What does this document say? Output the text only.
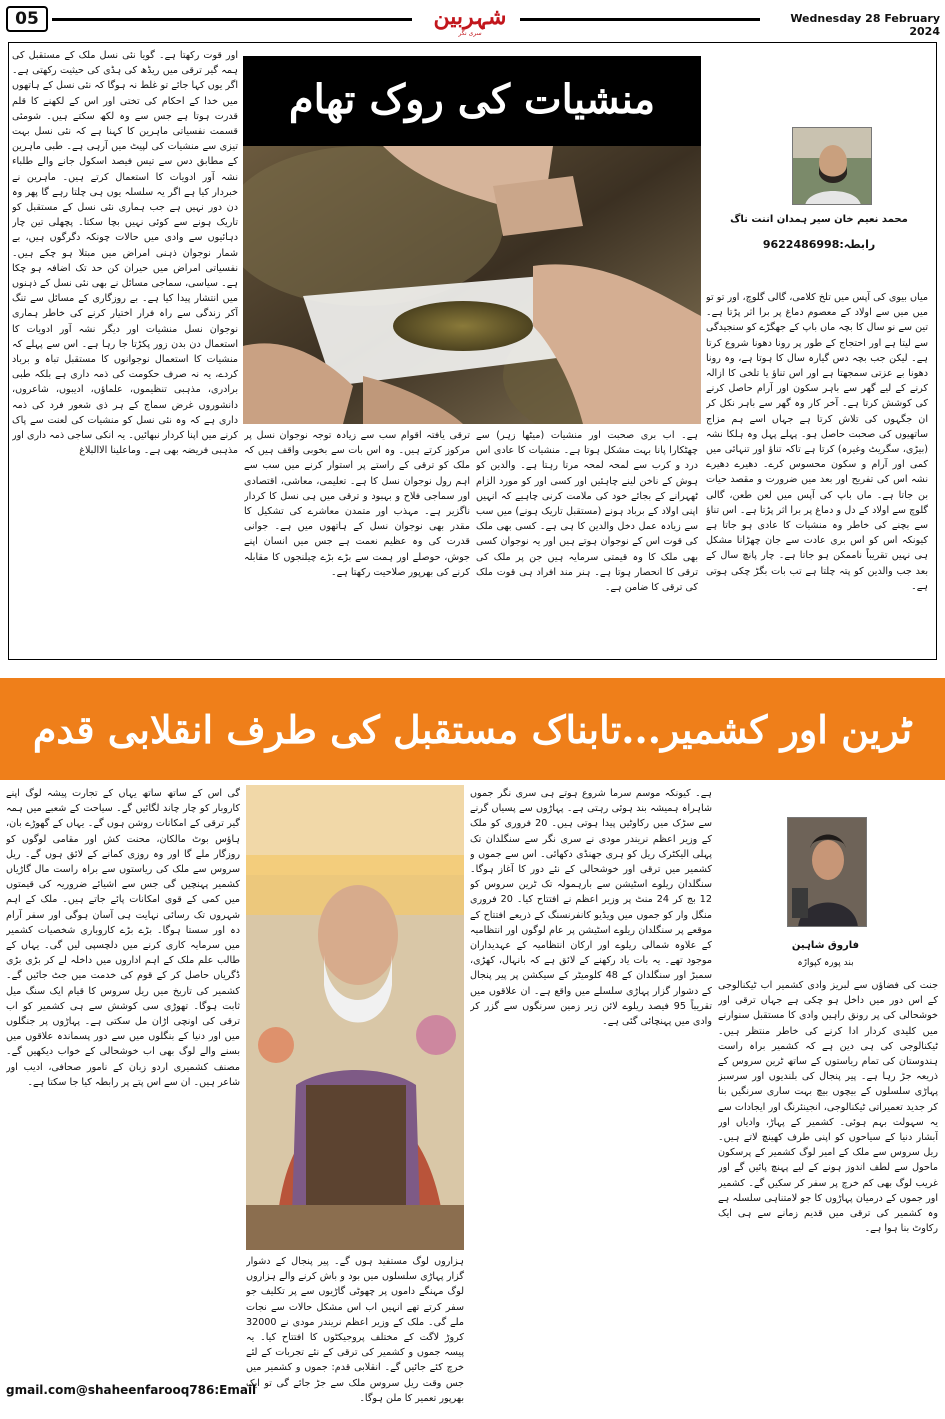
05	شہربین
سری نگر
Wednesday 28 February 2024
اور قوت رکھتا ہے۔ گویا نئی نسل ملک کے مستقبل کی ہمہ گیر ترقی میں ریڈھ کی ہڈی کی حیثیت رکھتی ہے۔ اگر یوں کہا جائے تو غلط نہ ہوگا کہ نئی نسل کے ہاتھوں میں خدا کے احکام کی تختی اور اس کے لکھنے کا قلم قدرت ہوتا ہے جس سے وہ لکھ سکتے ہیں۔ شومئی قسمت نفسیاتی ماہرین کا کہنا ہے کہ نئی نسل بہت تیزی سے منشیات کی لپیٹ میں آرہی ہے۔ طبی ماہرین کے مطابق دس سے تیس فیصد اسکول جانے والے طلباء نشہ آور ادویات کا استعمال کرتے ہیں۔ ماہرین نے خبردار کیا ہے اگر یہ سلسلہ یوں ہی چلتا رہے گا پھر وہ دن دور نہیں ہے جب ہماری نئی نسل کے مستقبل کو تاریک ہونے سے کوئی نہیں بچا سکتا۔ پچھلی تین چار دہائیوں سے وادی میں حالات چونکہ دگرگوں ہیں، بے شمار نوجوان ذہنی امراض میں مبتلا ہو چکے ہیں۔ نفسیاتی امراض میں حیران کن حد تک اضافہ ہو چکا ہے۔ سیاسی، سماجی مسائل نے بھی نئی نسل کے ذہنوں میں انتشار پیدا کیا ہے۔ بے روزگاری کے مسائل سے تنگ آکر زندگی سے راہ فرار اختیار کرنے کی خاطر ہماری نوجوان نسل منشیات اور دیگر نشہ آور ادویات کا استعمال دن بدن زور پکڑتا جا رہا ہے۔ اس سے پہلے کہ منشیات کا استعمال نوجوانوں کا مستقبل تباہ و برباد کردے، یہ نہ صرف حکومت کی ذمہ داری ہے بلکہ طبی برادری، مذہبی تنظیموں، علماؤں، ادیبوں، شاعروں، دانشوروں غرض سماج کے ہر ذی شعور فرد کی ذمہ داری ہے کہ وہ نئی نسل کو منشیات کی لعنت سے پاک کرنے میں اپنا کردار نبھائیں۔ یہ انکی ساجی ذمہ داری اور مذہبی فریضہ بھی ہے۔ وماعلینا الاالبلاغ
منشیات کی روک تھام
ہے۔ اب بری صحبت اور منشیات (میٹھا زہر) سے چھٹکارا پانا بہت مشکل ہوتا ہے۔ منشیات کا عادی اس درد و کرب سے لمحہ لمحہ مرتا رہتا ہے۔ والدین کو ہوش کے ناخن لینے چاہئیں اور کسی اور کو مورد الزام ٹھہرانے کے بجائے خود کی ملامت کرنی چاہیے کہ انہیں اپنی اولاد کے برباد ہونے (مستقبل تاریک ہونے) میں سب سے زیادہ عمل دخل والدین کا ہی ہے۔ کسی بھی ملک کی قوت اس کے نوجوان ہوتے ہیں اور یہ نوجوان کسی بھی ملک کا وہ قیمتی سرمایہ ہیں جن پر ملک کی ترقی کا انحصار ہوتا ہے۔ ہنر مند افراد ہی قوت ملک کی ترقی کا ضامن ہے۔
ترقی یافتہ اقوام سب سے زیادہ توجہ نوجوان نسل پر مرکوز کرتے ہیں۔ وہ اس بات سے بخوبی واقف ہیں کہ ملک کو ترقی کے راستے پر استوار کرنے میں سب سے اہم رول نوجوان نسل کا ہے۔ تعلیمی، معاشی، اقتصادی اور سماجی فلاح و بہبود و ترقی میں ہی نسل کا کردار ناگزیر ہے۔ مہذب اور متمدن معاشرے کی تشکیل کا مقدر بھی نوجوان نسل کے ہاتھوں میں ہے۔ جوانی قدرت کی وہ عظیم نعمت ہے جس میں انسان اپنے جوش، حوصلے اور ہمت سے بڑے بڑے چیلنجوں کا مقابلہ کرنے کی بھرپور صلاحیت رکھتا ہے۔
محمد نعیم خان سیر ہمدان اننت ناگ
رابطہ:9622486998
میاں بیوی کی آپس میں تلخ کلامی، گالی گلوچ، اور تو تو میں میں سے اولاد کے معصوم دماغ پر برا اثر پڑتا ہے۔ تین سے نو سال کا بچہ ماں باپ کے جھگڑے کو سنجیدگی سے لیتا ہے اور احتجاج کے طور پر رونا دھونا شروع کرتا ہے۔ لیکن جب بچہ دس گیارہ سال کا ہوتا ہے، وہ رونا دھونا بے عزتی سمجھتا ہے اور اس تناؤ یا تلخی کا ازالہ کرنے کے لیے گھر سے باہر سکون اور آرام حاصل کرنے کی کوشش کرتا ہے۔ آخر کار وہ گھر سے باہر نکل کر ان جگہوں کی تلاش کرتا ہے جہاں اسے ہم مزاج ساتھیوں کی صحبت حاصل ہو۔ پہلے پہل وہ ہلکا نشہ (بیڑی، سگریٹ وغیرہ) کرتا ہے تاکہ تناؤ اور تنہائی میں کمی اور آرام و سکون محسوس کرے۔ دھیرے دھیرے نشہ اس کی تفریح اور بعد میں ضرورت و مقصد حیات بن جاتا ہے۔ ماں باپ کی آپس میں لعن طعن، گالی گلوچ سے اولاد کے دل و دماغ پر برا اثر پڑتا ہے۔ اس تناؤ سے بچنے کی خاطر وہ منشیات کا عادی ہو جاتا ہے کیونکہ اس کو اس بری عادت سے جان چھڑانا مشکل ہی نہیں تقریباً ناممکن ہو جاتا ہے۔ چار پانچ سال کے بعد جب والدین کو پتہ چلتا ہے تب بات بگڑ چکی ہوتی ہے۔
ٹرین اور کشمیر...تابناک مستقبل کی طرف انقلابی قدم
گی اس کے ساتھ ساتھ یہاں کے تجارت پیشہ لوگ اپنے کاروبار کو چار چاند لگائیں گے۔ سیاحت کے شعبے میں ہمہ گیر ترقی کے امکانات روشن ہوں گے۔ یہاں کے گھوڑے بان، ہاؤس بوٹ مالکان، محنت کش اور مقامی لوگوں کو روزگار ملے گا اور وہ روزی کمانے کے لائق ہوں گے۔ ریل سروس سے ملک کی ریاستوں سے براہ راست مال گاڑیاں کشمیر پہنچیں گی جس سے اشیائے ضروریہ کی قیمتوں میں کمی کے قوی امکانات پائے جاتے ہیں۔ ملک کے اہم شہروں تک رسائی نہایت ہی آسان ہوگی اور سفر آرام دہ اور سستا ہوگا۔ بڑے بڑے کاروباری شخصیات کشمیر میں سرمایہ کاری کرنے میں دلچسپی لیں گی۔ یہاں کے طالب علم ملک کے اہم اداروں میں داخلہ لے کر بڑی بڑی ڈگریاں حاصل کر کے قوم کی خدمت میں جٹ جائیں گے۔ کشمیر کی تاریخ میں ریل سروس کا قیام ایک سنگ میل ثابت ہوگا۔ تھوڑی سی کوشش سے ہی کشمیر کو اب ترقی کی اونچی اڑان مل سکتی ہے۔ پہاڑوں پر جنگلوں میں اور دنیا کے بنگلوں میں سے دور پسماندہ علاقوں میں بسنے والے لوگ بھی اب خوشحالی کے خواب دیکھیں گے۔ مصنف کشمیری اردو زبان کے نامور صحافی، ادیب اور شاعر ہیں۔ ان سے اس پتے پر رابطہ کیا جا سکتا ہے۔
ہزاروں لوگ مستفید ہوں گے۔ پیر پنجال کے دشوار گزار پہاڑی سلسلوں میں بود و باش کرنے والے ہزاروں لوگ مہنگے داموں پر چھوٹی گاڑیوں سے پر تکلیف جو سفر کرتے تھے انہیں اب اس مشکل حالات سے نجات ملے گی۔ ملک کے وزیر اعظم نریندر مودی نے 32000 کروڑ لاگت کے مختلف پروجیکٹوں کا افتتاح کیا۔ یہ پیسہ جموں و کشمیر کی ترقی کے نئے تجربات کے لئے خرچ کئے جائیں گے۔ انقلابی قدم: جموں و کشمیر میں جس وقت ریل سروس ملک سے جڑ جائے گی تو ایک بھرپور تعمیر کا ملن ہوگا۔
ہے۔ کیونکہ موسم سرما شروع ہوتے ہی سری نگر جموں شاہراہ ہمیشہ بند ہوئی رہتی ہے۔ پہاڑوں سے پسیاں گرنے سے سڑک میں رکاوٹیں پیدا ہوتی ہیں۔ 20 فروری کو ملک کے وزیر اعظم نریندر مودی نے سری نگر سے سنگلدان تک پہلی الیکٹرک ریل کو ہری جھنڈی دکھائی۔ اس سے جموں و کشمیر میں ترقی اور خوشحالی کے نئے دور کا آغاز ہوگا۔ سنگلدان ریلوے اسٹیشن سے بارہمولہ تک ٹرین سروس کو 12 بج کر 24 منٹ پر وزیر اعظم نے افتتاح کیا۔ 20 فروری منگل وار کو جموں میں ویڈیو کانفرنسنگ کے ذریعے افتتاح کے موقعے پر سنگلدان ریلوے اسٹیشن پر عام لوگوں اور انتظامیہ کے علاوہ شمالی ریلوے اور ارکان انتظامیہ کے عہدیداران موجود تھے۔ یہ بات یاد رکھنے کے لائق ہے کہ بانہال، کھڑی، سمبڑ اور سنگلدان کے 48 کلومیٹر کے سیکشن پر پیر پنجال کے دشوار گزار پہاڑی سلسلے میں واقع ہے۔ ان علاقوں میں تقریباً 95 فیصد ریلوے لائن زیر زمین سرنگوں سے گزر کر وادی میں پہنچائی گئی ہے۔
فاروق شاہین
بند پورہ کپواڑہ
جنت کی فضاؤں سے لبریز وادی کشمیر اب ٹیکنالوجی کے اس دور میں داخل ہو چکی ہے جہاں ترقی اور خوشحالی کی پر رونق راہیں وادی کا مستقبل سنوارنے میں کلیدی کردار ادا کرنے کی خاطر منتظر ہیں۔ ٹیکنالوجی کی ہی دین ہے کہ کشمیر براہ راست ہندوستان کی تمام ریاستوں کے ساتھ ٹرین سروس کے ذریعہ جڑ رہا ہے۔ پیر پنجال کی بلندیوں اور سرسبز پہاڑی سلسلوں کے بیچوں بیچ بہت ساری سرنگیں بنا کر جدید تعمیراتی ٹیکنالوجی، انجینئرنگ اور ایجادات سے یہ سہولت بہم ہوئی۔ کشمیر کے پہاڑ، وادیاں اور آبشار دنیا کے سیاحوں کو اپنی طرف کھینچ لاتے ہیں۔ ریل سروس سے ملک کے امیر لوگ کشمیر کے پرسکون ماحول سے لطف اندوز ہونے کے لیے پہنچ پائیں گے اور غریب لوگ بھی کم خرچ پر سفر کر سکیں گے۔ کشمیر اور جموں کے درمیان پہاڑوں کا جو لامتناہی سلسلہ ہے وہ کشمیر کی ترقی میں قدیم زمانے سے ہی ایک رکاوٹ بنا ہوا ہے۔
gmail.com@shaheenfarooq786:Email
